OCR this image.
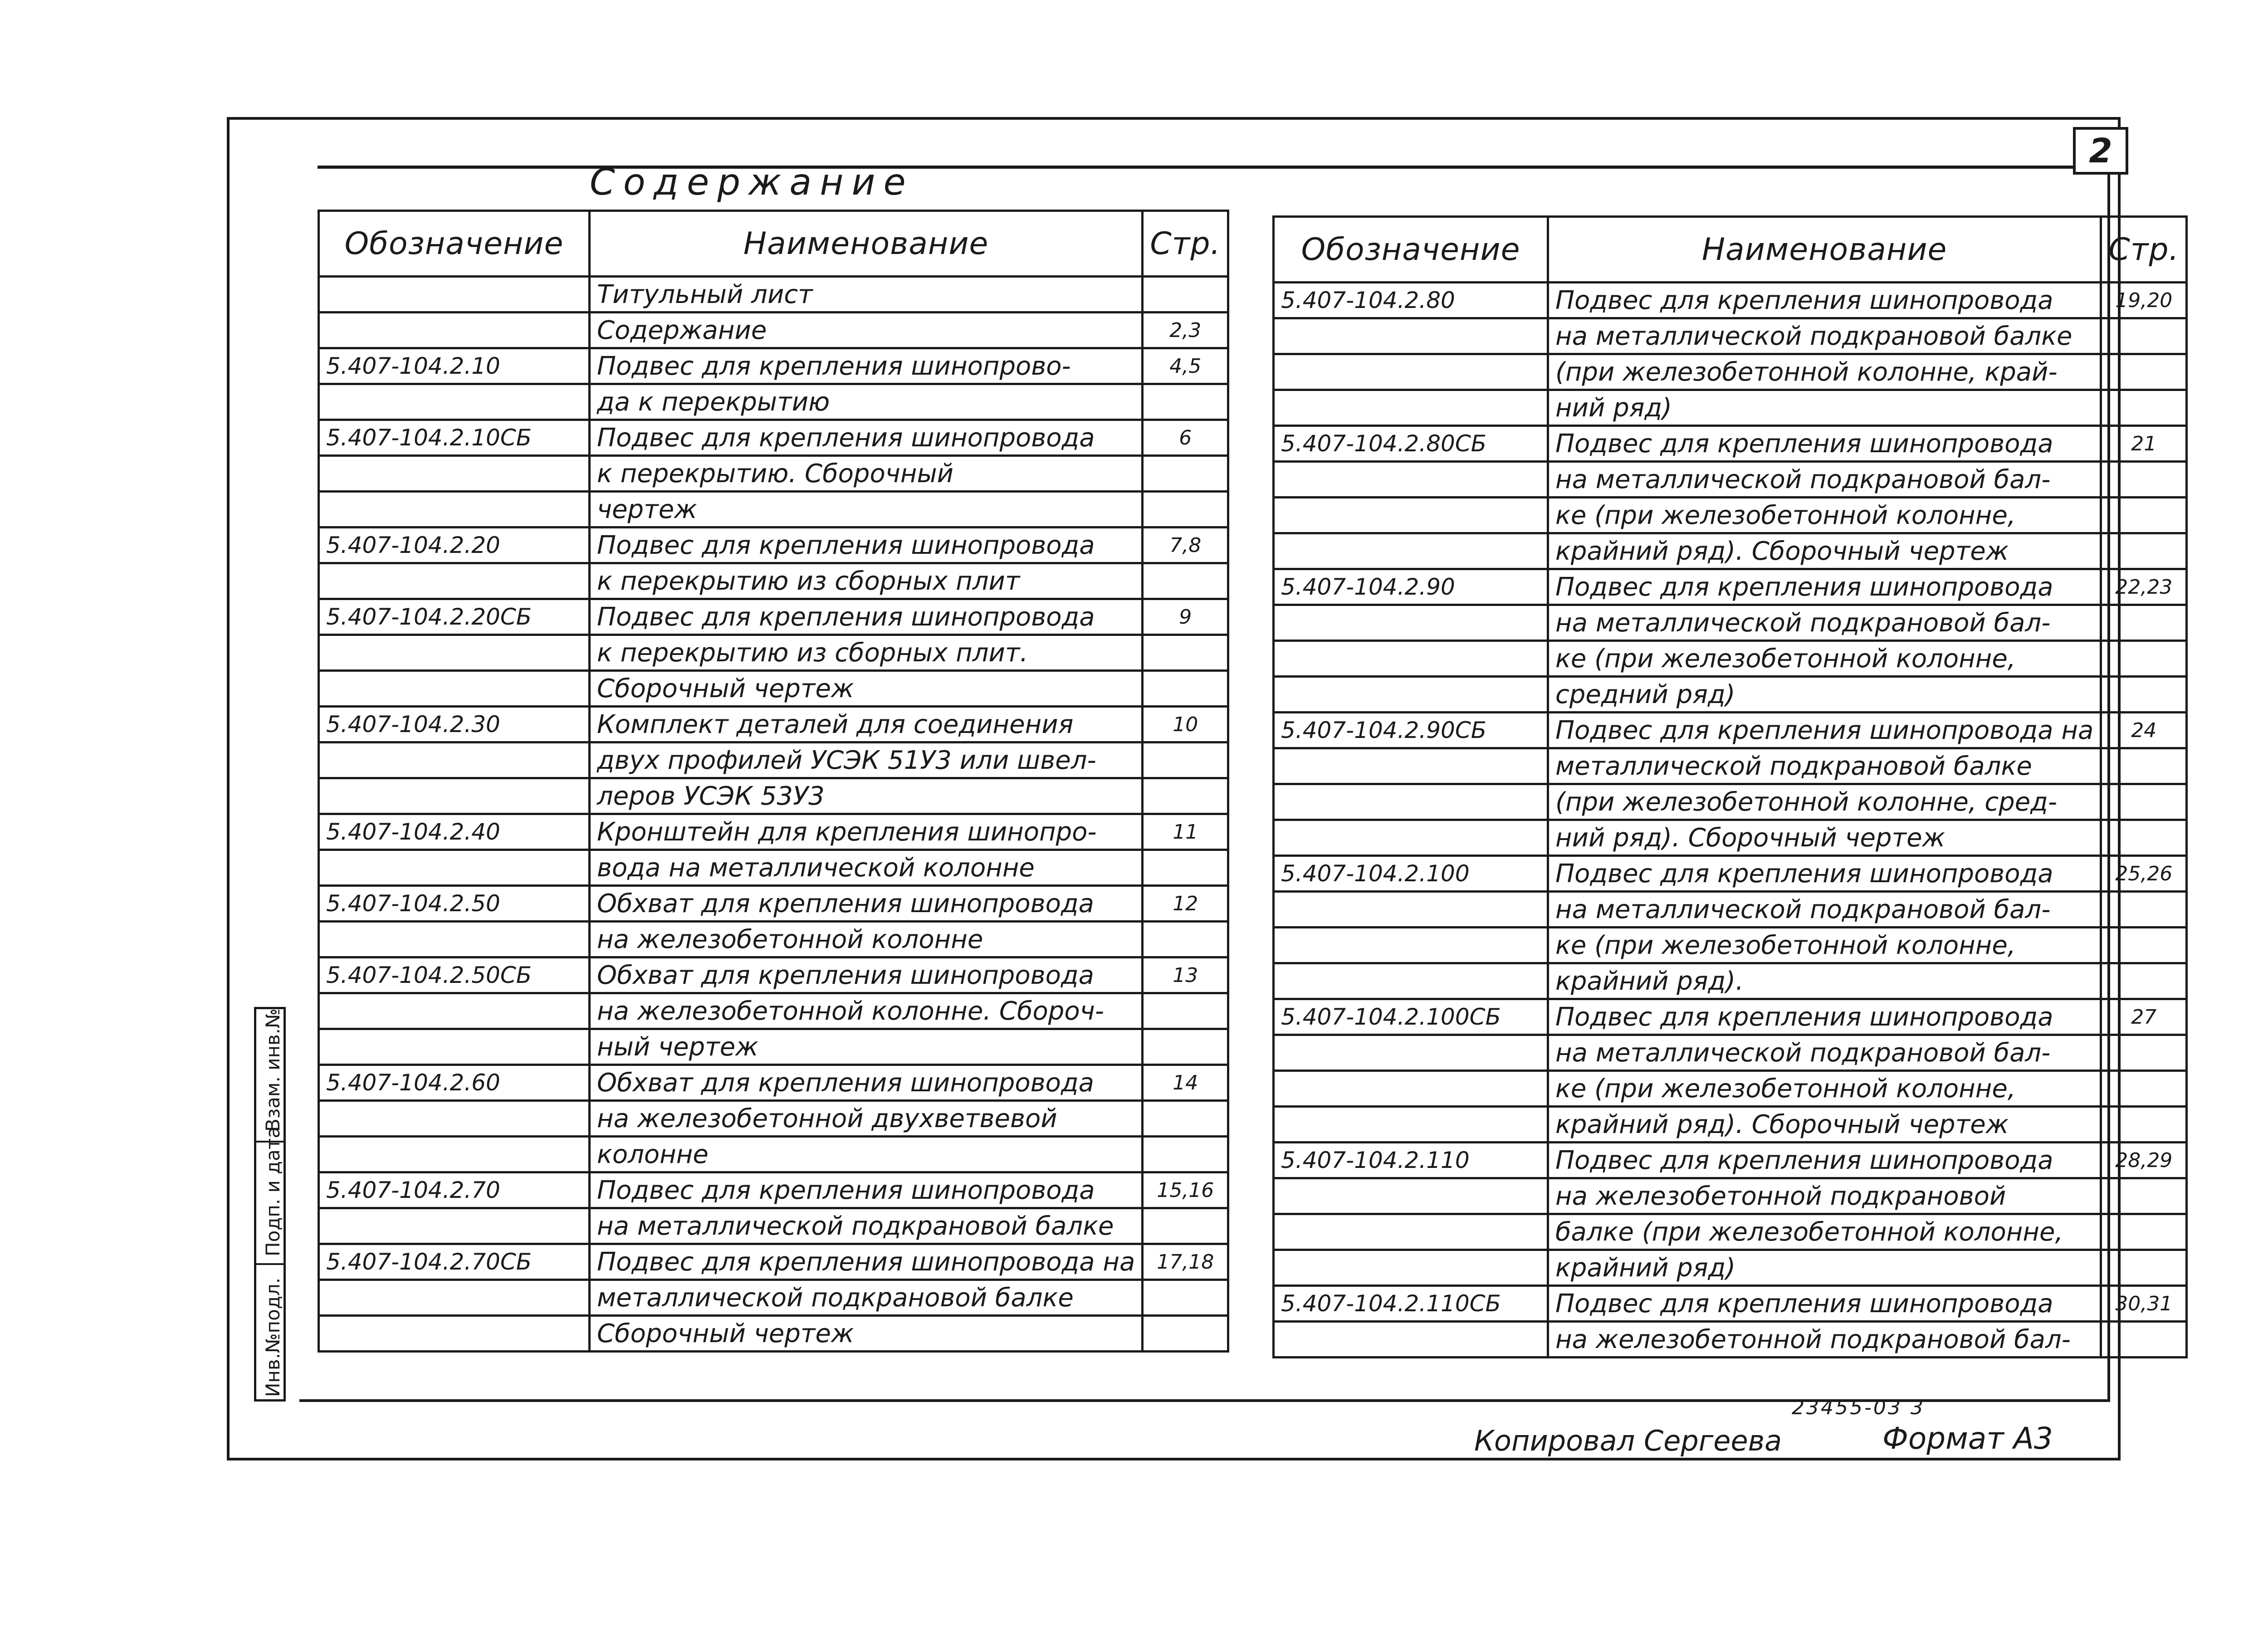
2
Содержание
Взам. инв.№
Подп. и дата
Инв.№подл.
Обозначение	Наименование	Стр.
	Титульный лист	
	Содержание	2,3
5.407-104.2.10	Подвес для крепления шинопрово-	4,5
	да к перекрытию	
5.407-104.2.10СБ	Подвес для крепления шинопровода	6
	к перекрытию. Сборочный	
	чертеж	
5.407-104.2.20	Подвес для крепления шинопровода	7,8
	к перекрытию из сборных плит	
5.407-104.2.20СБ	Подвес для крепления шинопровода	9
	к перекрытию из сборных плит.	
	Сборочный чертеж	
5.407-104.2.30	Комплект деталей для соединения	10
	двух профилей УСЭК 51У3 или швел-	
	леров УСЭК 53У3	
5.407-104.2.40	Кронштейн для крепления шинопро-	11
	вода на металлической колонне	
5.407-104.2.50	Обхват для крепления шинопровода	12
	на железобетонной колонне	
5.407-104.2.50СБ	Обхват для крепления шинопровода	13
	на железобетонной колонне. Сбороч-	
	ный чертеж	
5.407-104.2.60	Обхват для крепления шинопровода	14
	на железобетонной двухветвевой	
	колонне	
5.407-104.2.70	Подвес для крепления шинопровода	15,16
	на металлической подкрановой балке	
5.407-104.2.70СБ	Подвес для крепления шинопровода на	17,18
	металлической подкрановой балке	
	Сборочный чертеж	
Обозначение	Наименование	Стр.
5.407-104.2.80	Подвес для крепления шинопровода	19,20
	на металлической подкрановой балке	
	(при железобетонной колонне, край-	
	ний ряд)	
5.407-104.2.80СБ	Подвес для крепления шинопровода	21
	на металлической подкрановой бал-	
	ке (при железобетонной колонне,	
	крайний ряд). Сборочный чертеж	
5.407-104.2.90	Подвес для крепления шинопровода	22,23
	на металлической подкрановой бал-	
	ке (при железобетонной колонне,	
	средний ряд)	
5.407-104.2.90СБ	Подвес для крепления шинопровода на	24
	металлической подкрановой балке	
	(при железобетонной колонне, сред-	
	ний ряд). Сборочный чертеж	
5.407-104.2.100	Подвес для крепления шинопровода	25,26
	на металлической подкрановой бал-	
	ке (при железобетонной колонне,	
	крайний ряд).	
5.407-104.2.100СБ	Подвес для крепления шинопровода	27
	на металлической подкрановой бал-	
	ке (при железобетонной колонне,	
	крайний ряд). Сборочный чертеж	
5.407-104.2.110	Подвес для крепления шинопровода	28,29
	на железобетонной подкрановой	
	балке (при железобетонной колонне,	
	крайний ряд)	
5.407-104.2.110СБ	Подвес для крепления шинопровода	30,31
	на железобетонной подкрановой бал-	
23455-03 3
Копировал Сергеева	Формат А3
